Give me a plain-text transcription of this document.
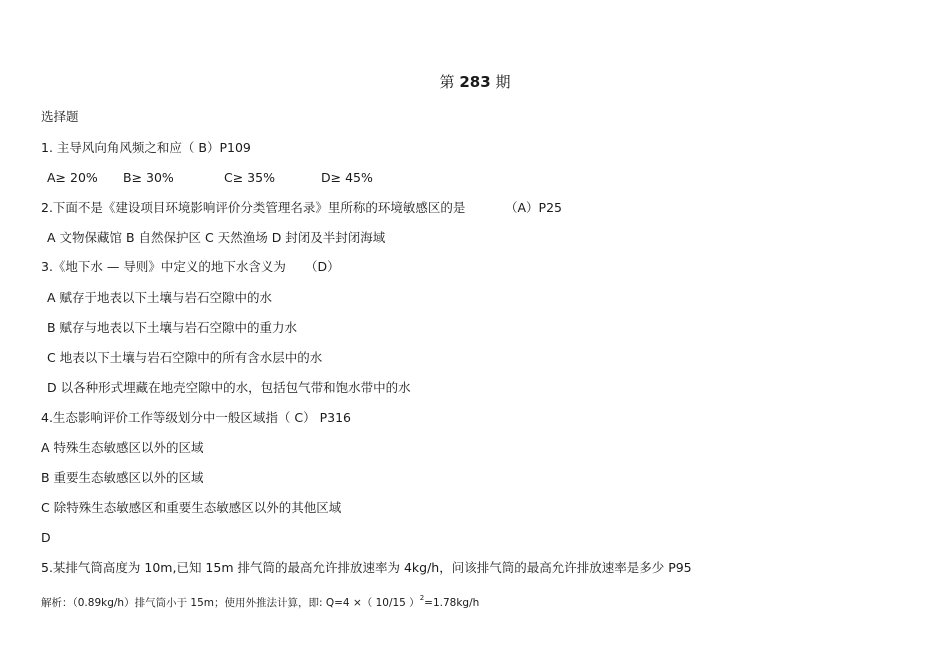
第 283 期
选择题
1. 主导风向角风频之和应（ B）P109
A≥ 20% B≥ 30%	C≥ 35%	D≥ 45%
2.下面不是《建设项目环境影响评价分类管理名录》里所称的环境敏感区的是	（A）P25
A 文物保藏馆 B 自然保护区 C 天然渔场 D 封闭及半封闭海域
3.《地下水 — 导则》中定义的地下水含义为 （D）
A 赋存于地表以下土壤与岩石空隙中的水
B 赋存与地表以下土壤与岩石空隙中的重力水
C 地表以下土壤与岩石空隙中的所有含水层中的水
D 以各种形式埋藏在地壳空隙中的水，包括包气带和饱水带中的水
4.生态影响评价工作等级划分中一般区域指（ C） P316
A 特殊生态敏感区以外的区域
B 重要生态敏感区以外的区域
C 除特殊生态敏感区和重要生态敏感区以外的其他区域
D
5.某排气筒高度为 10m,已知 15m 排气筒的最高允许排放速率为 4kg/h，问该排气筒的最高允许排放速率是多少 P95
解析：（0.89kg/h）排气筒小于 15m；使用外推法计算，即: Q=4 ×（ 10/15 ）$^2$=1.78kg/h
